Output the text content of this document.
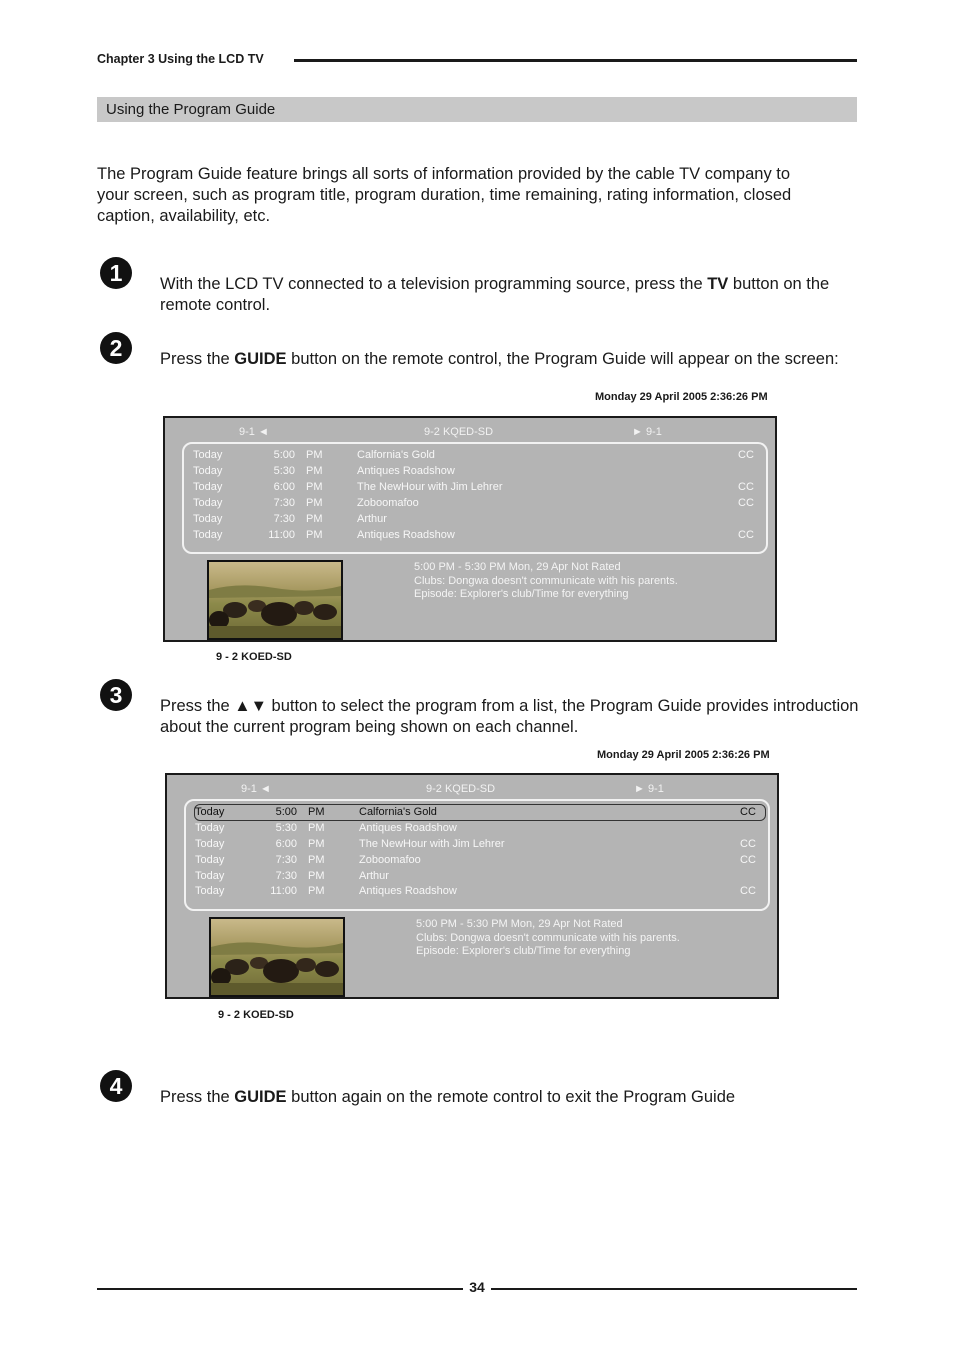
Chapter 3 Using the LCD TV
Using the Program Guide
The Program Guide feature brings all sorts of information provided by the cable TV company to your screen, such as program title, program duration, time remaining, rating information, closed caption, availability, etc.
1	With the LCD TV connected to a television programming source, press the TV button on the remote control.
2	Press the GUIDE button on the remote control, the Program Guide will appear on the screen:
Monday 29 April 2005 2:36:26 PM
9-1 ◄	9-2 KQED-SD	► 9-1
Today	5:00 PM	Calfornia's Gold	CC
Today	5:30 PM	Antiques Roadshow
Today	6:00 PM	The NewHour with Jim Lehrer	CC
Today	7:30 PM	Zoboomafoo	CC
Today	7:30 PM	Arthur
Today	11:00 PM	Antiques Roadshow	CC
5:00 PM - 5:30 PM Mon, 29 Apr Not Rated
Clubs: Dongwa doesn't communicate with his parents.
Episode: Explorer's club/Time for everything
9 - 2 KOED-SD
3	Press the ▲▼ button to select the program from a list, the Program Guide provides introduction about the current program being shown on each channel.
Monday 29 April 2005 2:36:26 PM
9-1 ◄	9-2 KQED-SD	► 9-1
Today	5:00 PM	Calfornia's Gold	CC
Today	5:30 PM	Antiques Roadshow
Today	6:00 PM	The NewHour with Jim Lehrer	CC
Today	7:30 PM	Zoboomafoo	CC
Today	7:30 PM	Arthur
Today	11:00 PM	Antiques Roadshow	CC
5:00 PM - 5:30 PM Mon, 29 Apr Not Rated
Clubs: Dongwa doesn't communicate with his parents.
Episode: Explorer's club/Time for everything
9 - 2 KOED-SD
4	Press the GUIDE button again on the remote control to exit the Program Guide
34
